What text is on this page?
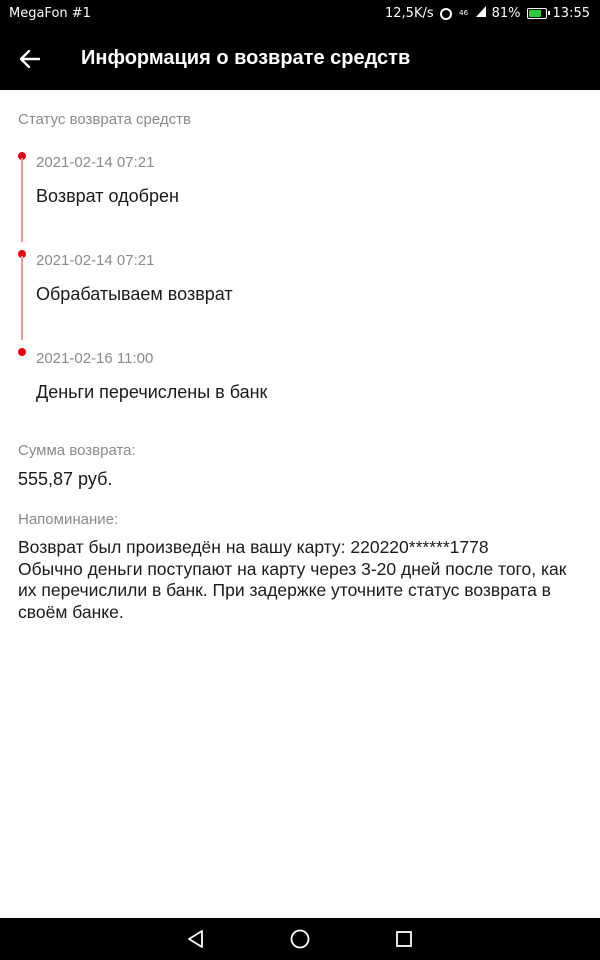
MegaFon #1	12,5K/s	46 81% 13:55
Информация о возврате средств
Статус возврата средств
2021-02-14 07:21
Возврат одобрен
2021-02-14 07:21
Обрабатываем возврат
2021-02-16 11:00
Деньги перечислены в банк
Сумма возврата:
555,87 руб.
Напоминание:
Возврат был произведён на вашу карту: 220220******1778
Обычно деньги поступают на карту через 3-20 дней после того, как их перечислили в банк. При задержке уточните статус возврата в своём банке.
